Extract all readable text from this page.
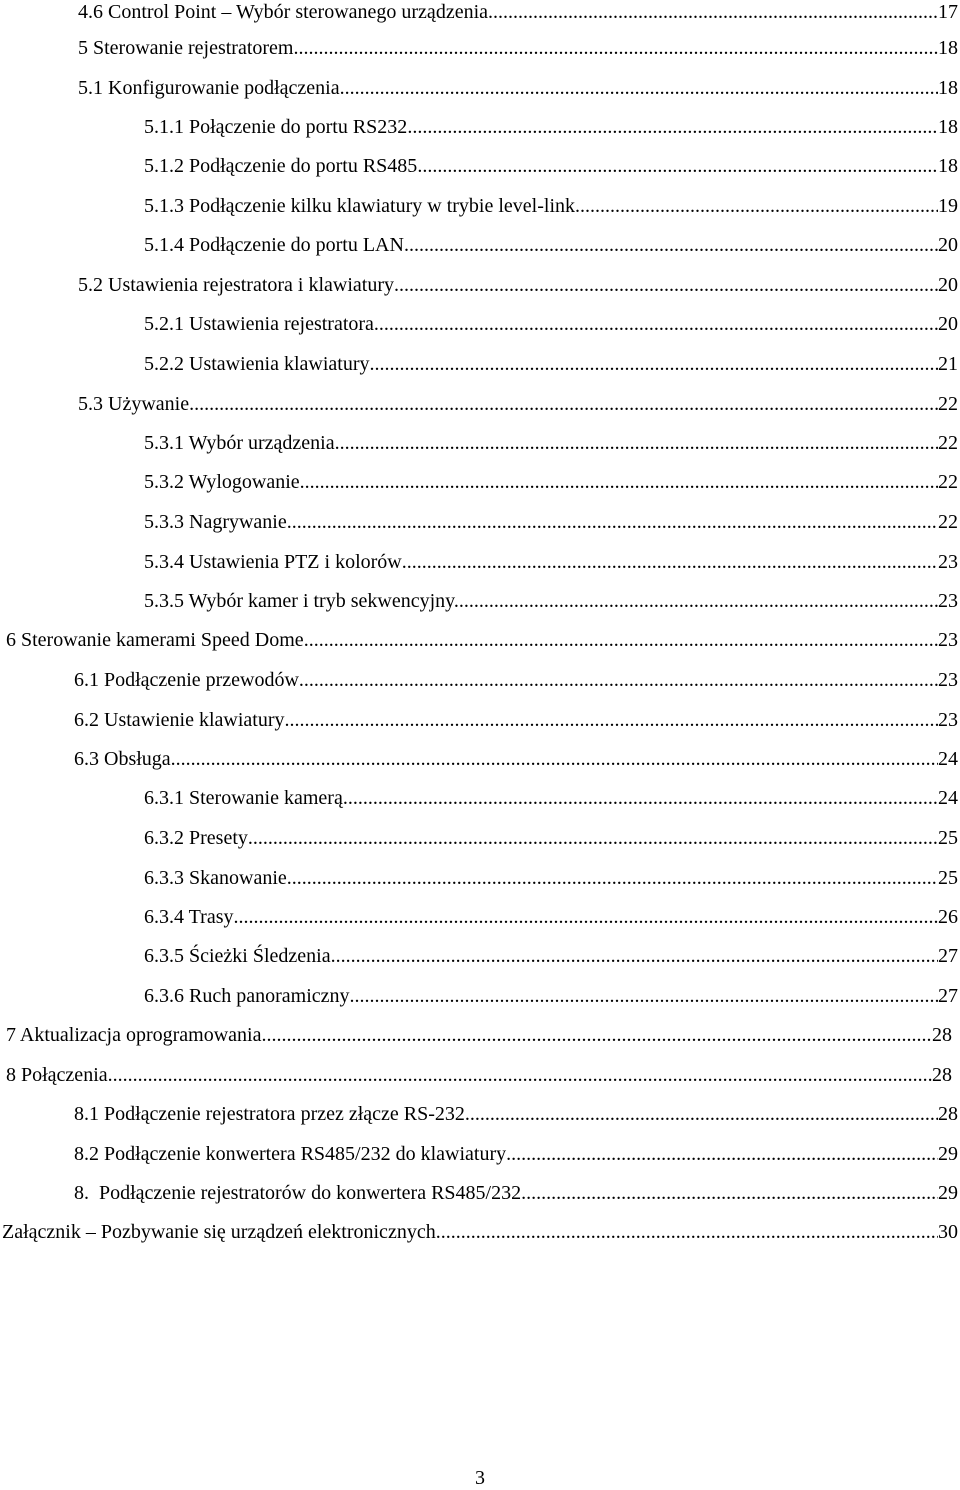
4.6 Control Point – Wybór sterowanego urządzenia .....	17
5 Sterowanie rejestratorem .....	18
5.1 Konfigurowanie podłączenia .....	18
5.1.1 Połączenie do portu RS232 .....	18
5.1.2 Podłączenie do portu RS485 .....	18
5.1.3 Podłączenie kilku klawiatury w trybie level-link .....	19
5.1.4 Podłączenie do portu LAN .....	20
5.2 Ustawienia rejestratora i klawiatury .....	20
5.2.1 Ustawienia rejestratora .....	20
5.2.2 Ustawienia klawiatury .....	21
5.3 Używanie .....	22
5.3.1 Wybór urządzenia .....	22
5.3.2 Wylogowanie .....	22
5.3.3 Nagrywanie .....	22
5.3.4 Ustawienia PTZ i kolorów .....	23
5.3.5 Wybór kamer i tryb sekwencyjny. .....	23
6 Sterowanie kamerami Speed Dome .....	23
6.1 Podłączenie przewodów .....	23
6.2 Ustawienie klawiatury .....	23
6.3 Obsługa .....	24
6.3.1 Sterowanie kamerą .....	24
6.3.2 Presety .....	25
6.3.3 Skanowanie .....	25
6.3.4 Trasy .....	26
6.3.5 Ścieżki Śledzenia .....	27
6.3.6 Ruch panoramiczny .....	27
7 Aktualizacja oprogramowania .....	28
8 Połączenia .....	28
8.1 Podłączenie rejestratora przez złącze RS-232 .....	28
8.2 Podłączenie konwertera RS485/232 do klawiatury .....	29
8.  Podłączenie rejestratorów do konwertera RS485/232 .....	29
Załącznik – Pozbywanie się urządzeń elektronicznych .....	30
3
